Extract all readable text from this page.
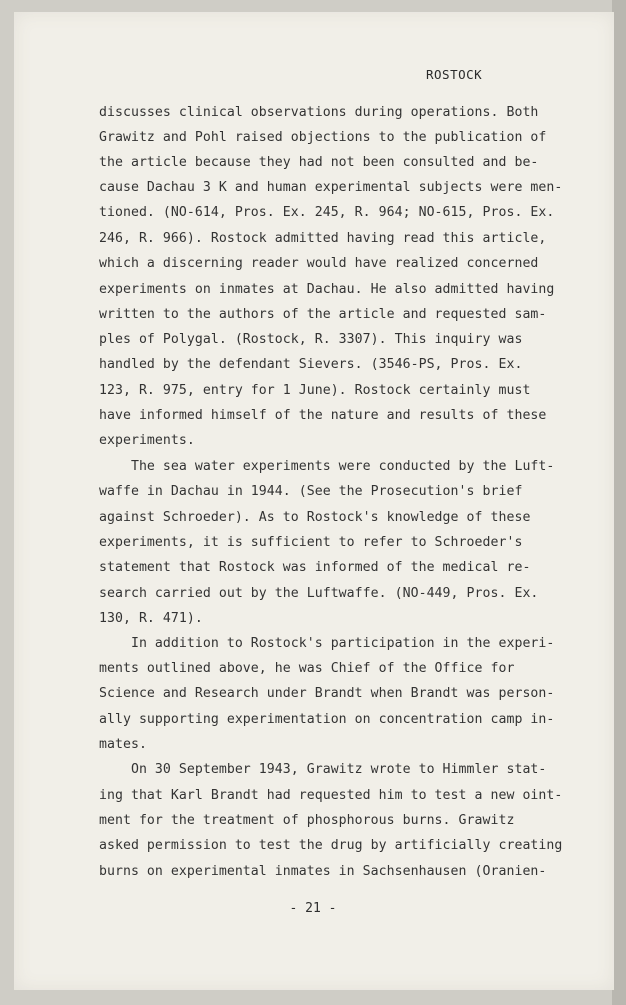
ROSTOCK
discusses clinical observations during operations. Both
Grawitz and Pohl raised objections to the publication of
the article because they had not been consulted and be-
cause Dachau 3 K and human experimental subjects were men-
tioned. (NO-614, Pros. Ex. 245, R. 964; NO-615, Pros. Ex.
246, R. 966). Rostock admitted having read this article,
which a discerning reader would have realized concerned
experiments on inmates at Dachau. He also admitted having
written to the authors of the article and requested sam-
ples of Polygal. (Rostock, R. 3307). This inquiry was
handled by the defendant Sievers. (3546-PS, Pros. Ex.
123, R. 975, entry for 1 June). Rostock certainly must
have informed himself of the nature and results of these
experiments.
The sea water experiments were conducted by the Luft-
waffe in Dachau in 1944. (See the Prosecution's brief
against Schroeder). As to Rostock's knowledge of these
experiments, it is sufficient to refer to Schroeder's
statement that Rostock was informed of the medical re-
search carried out by the Luftwaffe. (NO-449, Pros. Ex.
130, R. 471).
In addition to Rostock's participation in the experi-
ments outlined above, he was Chief of the Office for
Science and Research under Brandt when Brandt was person-
ally supporting experimentation on concentration camp in-
mates.
On 30 September 1943, Grawitz wrote to Himmler stat-
ing that Karl Brandt had requested him to test a new oint-
ment for the treatment of phosphorous burns. Grawitz
asked permission to test the drug by artificially creating
burns on experimental inmates in Sachsenhausen (Oranien-
- 21 -
